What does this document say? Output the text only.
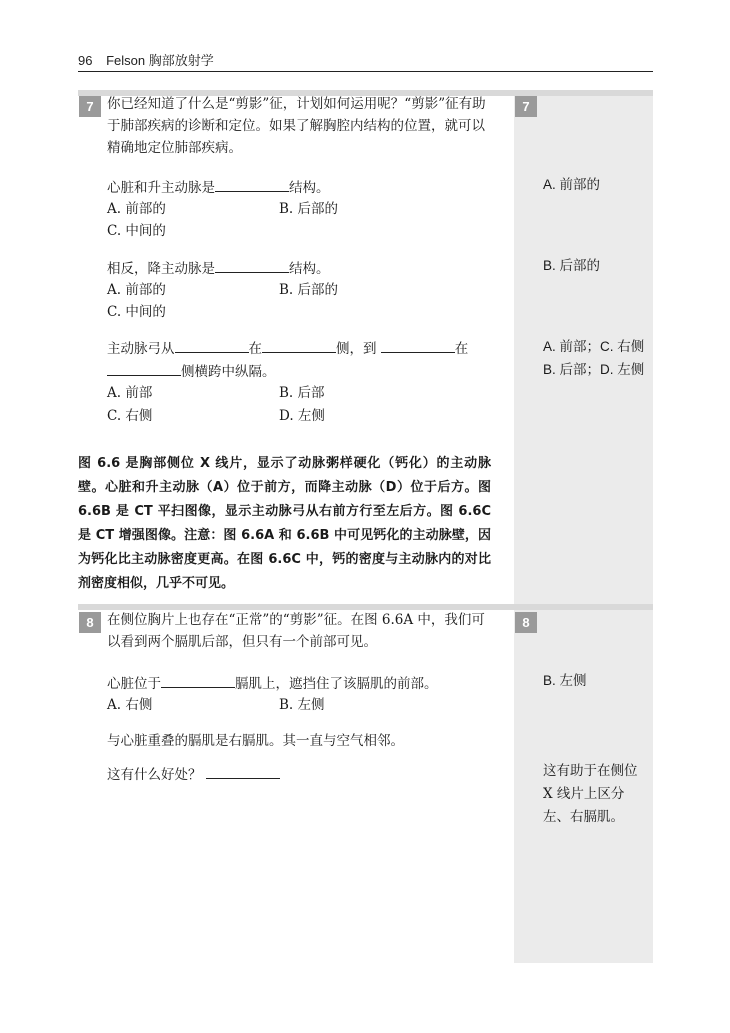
96 Felson 胸部放射学
7	7
你已经知道了什么是“剪影”征，计划如何运用呢？“剪影”征有助于肺部疾病的诊断和定位。如果了解胸腔内结构的位置，就可以精确地定位肺部疾病。
心脏和升主动脉是	结构。
A. 前部的	B. 后部的
C. 中间的
A. 前部的
相反，降主动脉是	结构。
A. 前部的	B. 后部的
C. 中间的
B. 后部的
主动脉弓从	在	侧，到	在
侧横跨中纵隔。
A. 前部	B. 后部
C. 右侧	D. 左侧
A. 前部；C. 右侧
B. 后部；D. 左侧
图 6.6 是胸部侧位 X 线片，显示了动脉粥样硬化（钙化）的主动脉壁。心脏和升主动脉（A）位于前方，而降主动脉（D）位于后方。图 6.6B 是 CT 平扫图像，显示主动脉弓从右前方行至左后方。图 6.6C 是 CT 增强图像。注意：图 6.6A 和 6.6B 中可见钙化的主动脉壁，因为钙化比主动脉密度更高。在图 6.6C 中，钙的密度与主动脉内的对比剂密度相似，几乎不可见。
8	8
在侧位胸片上也存在“正常”的“剪影”征。在图 6.6A 中，我们可以看到两个膈肌后部，但只有一个前部可见。
心脏位于	膈肌上，遮挡住了该膈肌的前部。
A. 右侧	B. 左侧
B. 左侧
与心脏重叠的膈肌是右膈肌。其一直与空气相邻。
这有什么好处？	这有助于在侧位 X 线片上区分左、右膈肌。
